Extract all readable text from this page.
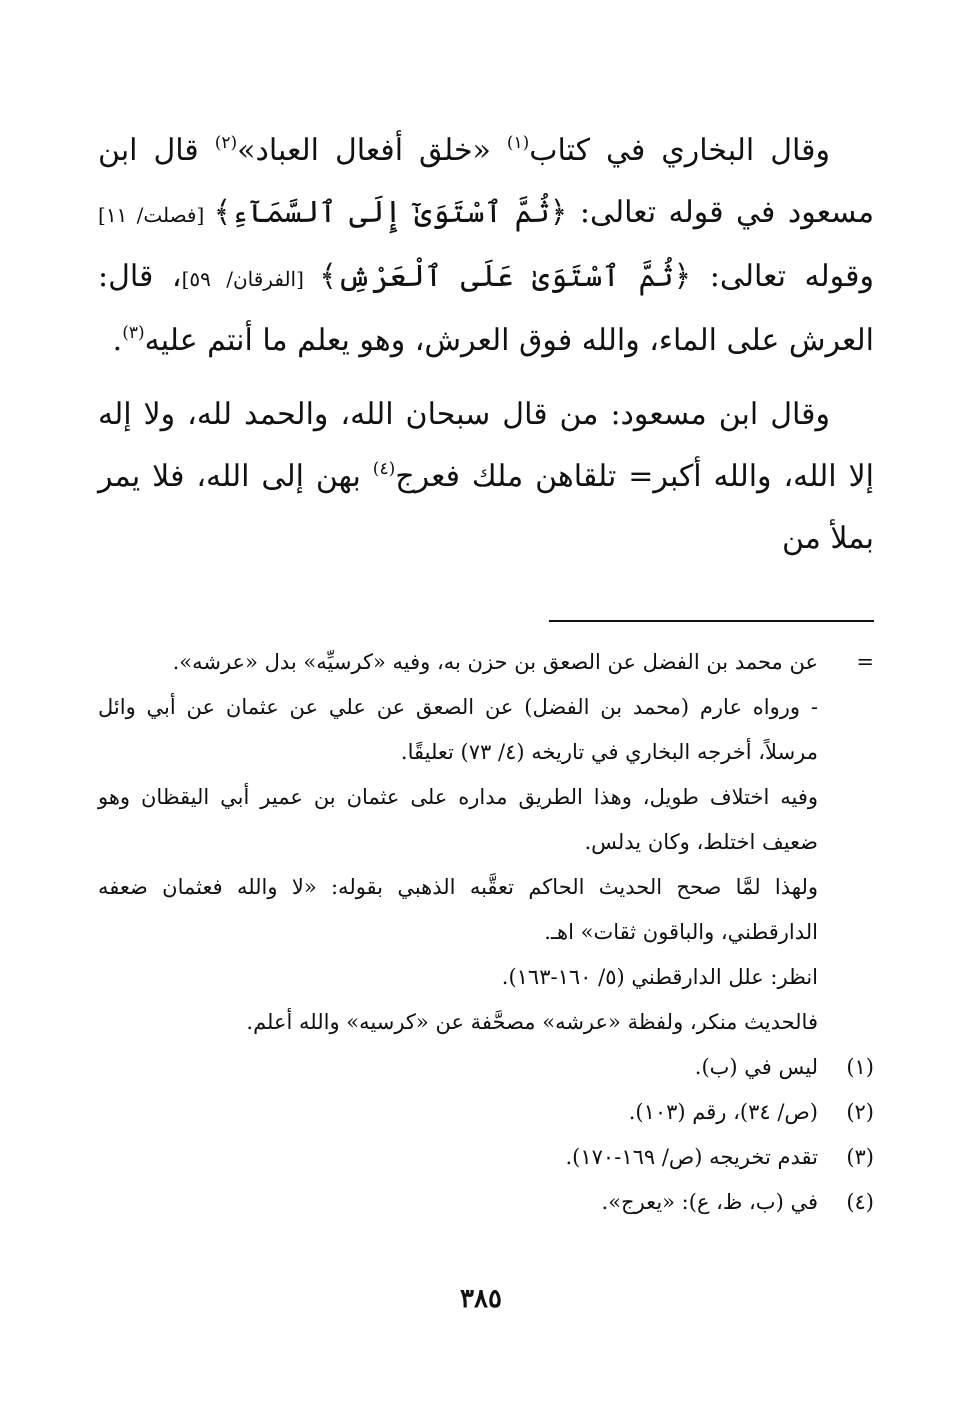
وقال البخاري في كتاب$^{(١)}$ «خلق أفعال العباد»$^{(٢)}$ قال ابن مسعود في قوله تعالى: ﴿ثُمَّ ٱسْتَوَىٰٓ إِلَى ٱلسَّمَآءِ﴾ [فصلت/ ١١] وقوله تعالى: ﴿ثُمَّ ٱسْتَوَىٰ عَلَى ٱلْعَرْشِ﴾ [الفرقان/ ٥٩]، قال: العرش على الماء، والله فوق العرش، وهو يعلم ما أنتم عليه$^{(٣)}$.

وقال ابن مسعود: من قال سبحان الله، والحمد لله، ولا إله إلا الله، والله أكبر= تلقاهن ملك فعرج$^{(٤)}$ بهن إلى الله، فلا يمر بملأ من

=
عن محمد بن الفضل عن الصعق بن حزن به، وفيه «كرسيِّه» بدل «عرشه».
- ورواه عارم (محمد بن الفضل) عن الصعق عن علي عن عثمان عن أبي وائل مرسلاً، أخرجه البخاري في تاريخه (٤/ ٧٣) تعليقًا.
وفيه اختلاف طويل، وهذا الطريق مداره على عثمان بن عمير أبي اليقظان وهو ضعيف اختلط، وكان يدلس.
ولهذا لمَّا صحح الحديث الحاكم تعقَّبه الذهبي بقوله: «لا والله فعثمان ضعفه الدارقطني، والباقون ثقات» اهـ.
انظر: علل الدارقطني (٥/ ١٦٠-١٦٣).
فالحديث منكر، ولفظة «عرشه» مصحَّفة عن «كرسيه» والله أعلم.
(١)
ليس في (ب).
(٢)
(ص/ ٣٤)، رقم (١٠٣).
(٣)
تقدم تخريجه (ص/ ١٦٩-١٧٠).
(٤)
في (ب، ظ، ع): «يعرج».
٣٨٥
